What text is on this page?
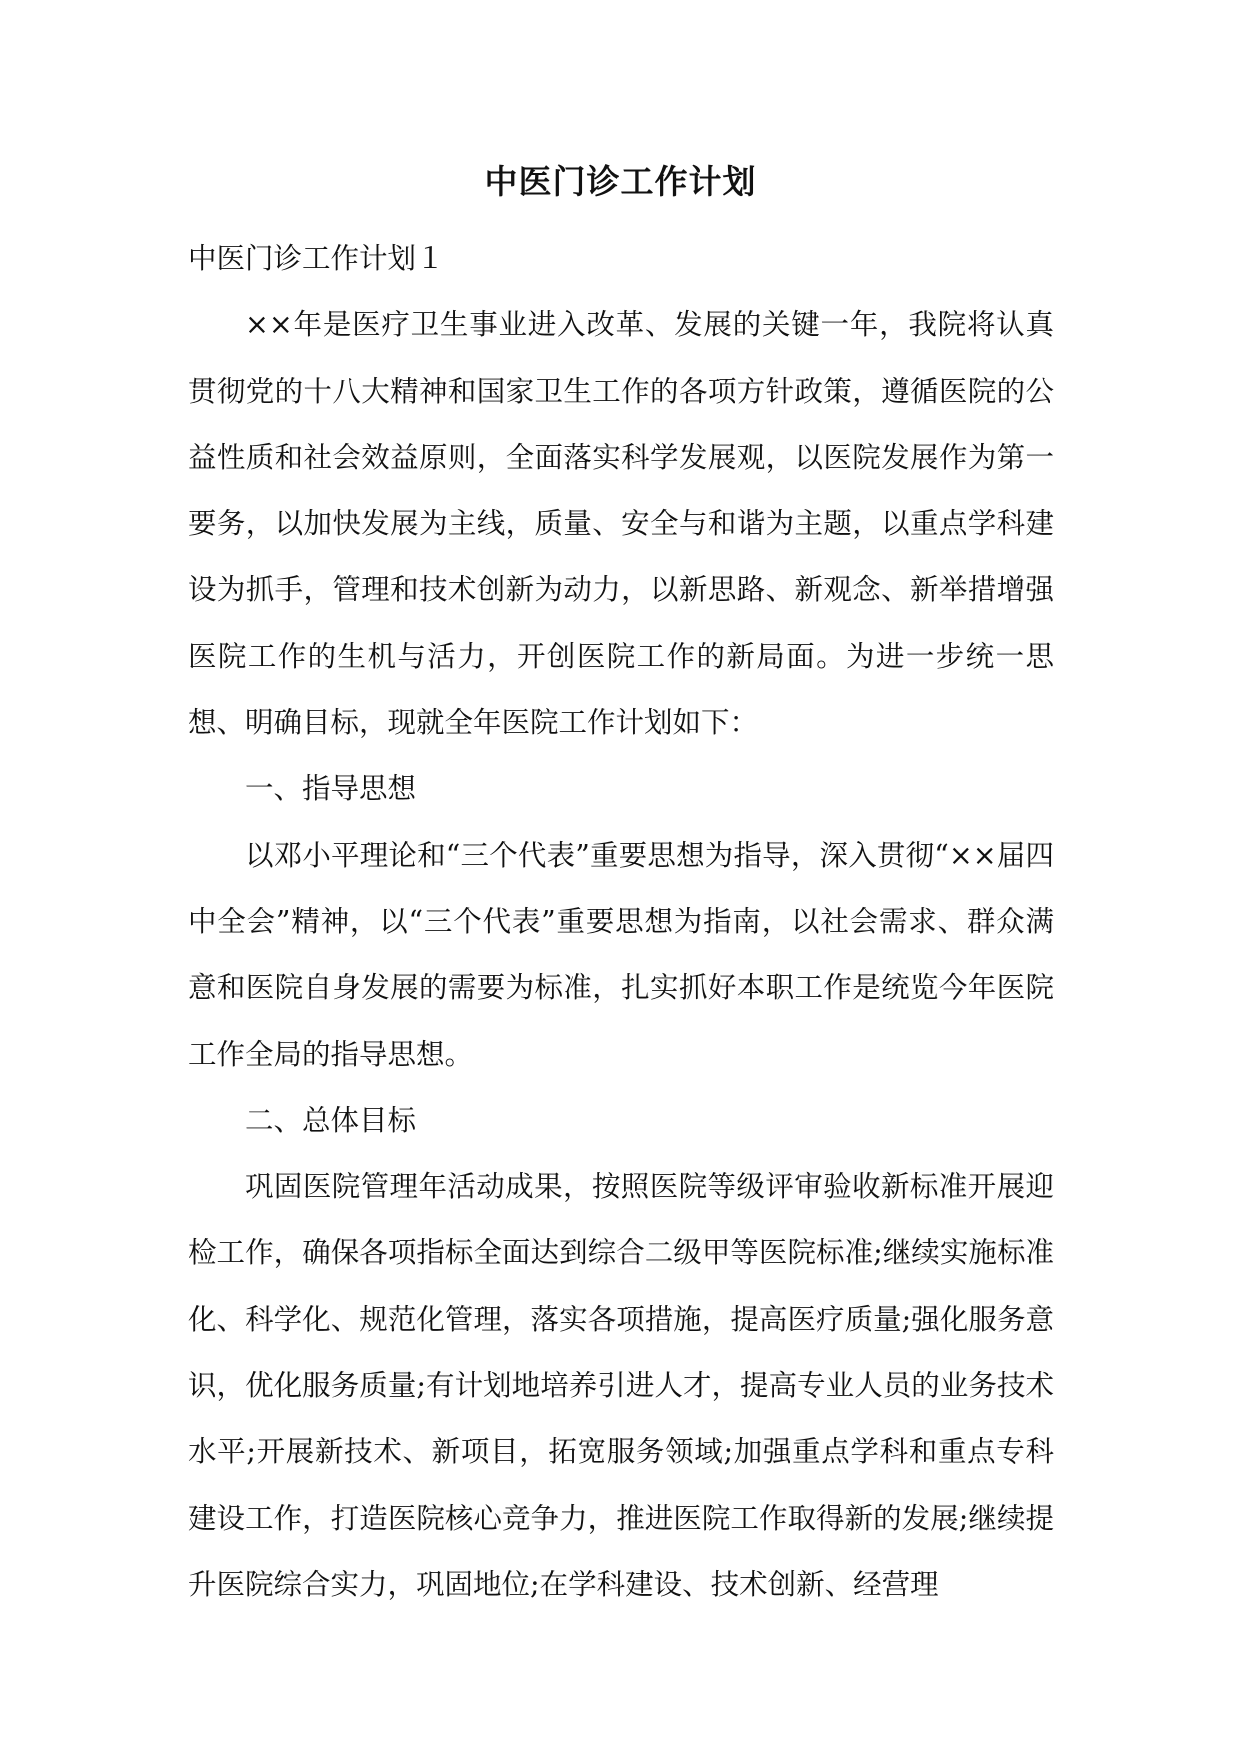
中医门诊工作计划

中医门诊工作计划１

××年是医疗卫生事业进入改革、发展的关键一年，我院将认真贯彻党的十八大精神和国家卫生工作的各项方针政策，遵循医院的公益性质和社会效益原则，全面落实科学发展观，以医院发展作为第一要务，以加快发展为主线，质量、安全与和谐为主题，以重点学科建设为抓手，管理和技术创新为动力，以新思路、新观念、新举措增强医院工作的生机与活力，开创医院工作的新局面。为进一步统一思想、明确目标，现就全年医院工作计划如下：

一、指导思想

以邓小平理论和“三个代表”重要思想为指导，深入贯彻“××届四中全会”精神，以“三个代表”重要思想为指南，以社会需求、群众满意和医院自身发展的需要为标准，扎实抓好本职工作是统览今年医院工作全局的指导思想。

二、总体目标

巩固医院管理年活动成果，按照医院等级评审验收新标准开展迎检工作，确保各项指标全面达到综合二级甲等医院标准;继续实施标准化、科学化、规范化管理，落实各项措施，提高医疗质量;强化服务意识，优化服务质量;有计划地培养引进人才，提高专业人员的业务技术水平;开展新技术、新项目，拓宽服务领域;加强重点学科和重点专科建设工作，打造医院核心竞争力，推进医院工作取得新的发展;继续提升医院综合实力，巩固地位;在学科建设、技术创新、经营理
